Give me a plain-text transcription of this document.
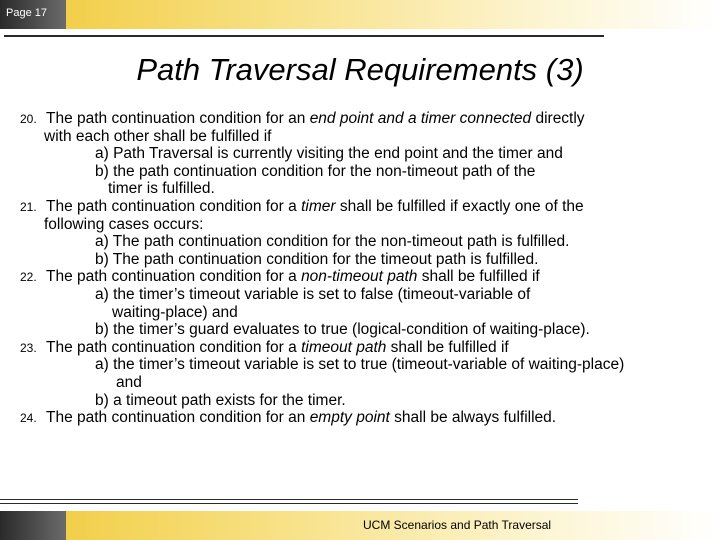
Page 17
Path Traversal Requirements (3)
20. The path continuation condition for an end point and a timer connected directly
with each other shall be fulfilled if
a) Path Traversal is currently visiting the end point and the timer and
b) the path continuation condition for the non-timeout path of the
timer is fulfilled.
21. The path continuation condition for a timer shall be fulfilled if exactly one of the
following cases occurs:
a) The path continuation condition for the non-timeout path is fulfilled.
b) The path continuation condition for the timeout path is fulfilled.
22. The path continuation condition for a non-timeout path shall be fulfilled if
a) the timer’s timeout variable is set to false (timeout-variable of
waiting-place) and
b) the timer’s guard evaluates to true (logical-condition of waiting-place).
23. The path continuation condition for a timeout path shall be fulfilled if
a) the timer’s timeout variable is set to true (timeout-variable of waiting-place)
and
b) a timeout path exists for the timer.
24. The path continuation condition for an empty point shall be always fulfilled.
UCM Scenarios and Path Traversal
